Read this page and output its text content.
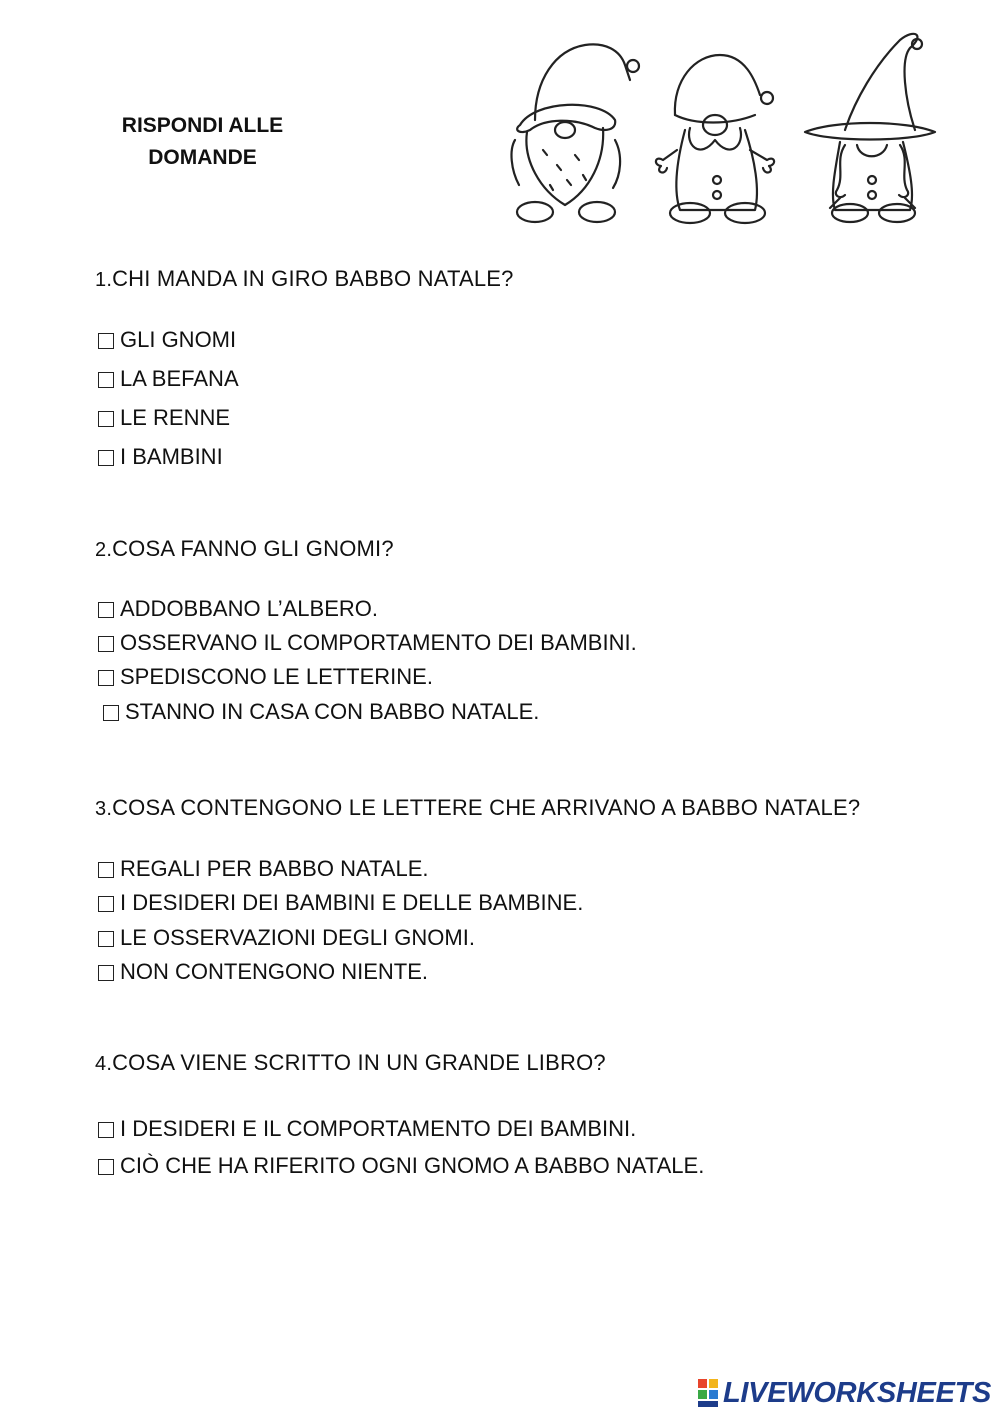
RISPONDI ALLE DOMANDE
1.CHI MANDA IN GIRO BABBO NATALE?
GLI GNOMI
LA BEFANA
LE RENNE
I BAMBINI
2.COSA FANNO GLI GNOMI?
ADDOBBANO L’ALBERO.
OSSERVANO IL COMPORTAMENTO DEI BAMBINI.
SPEDISCONO LE LETTERINE.
STANNO IN CASA CON BABBO NATALE.
3.COSA CONTENGONO LE LETTERE CHE ARRIVANO A BABBO NATALE?
REGALI PER BABBO NATALE.
I DESIDERI DEI BAMBINI E DELLE BAMBINE.
LE OSSERVAZIONI DEGLI GNOMI.
NON CONTENGONO NIENTE.
4.COSA VIENE SCRITTO IN UN GRANDE LIBRO?
I DESIDERI E IL COMPORTAMENTO DEI BAMBINI.
CIÒ CHE HA RIFERITO OGNI GNOMO A BABBO NATALE.
LIVEWORKSHEETS
